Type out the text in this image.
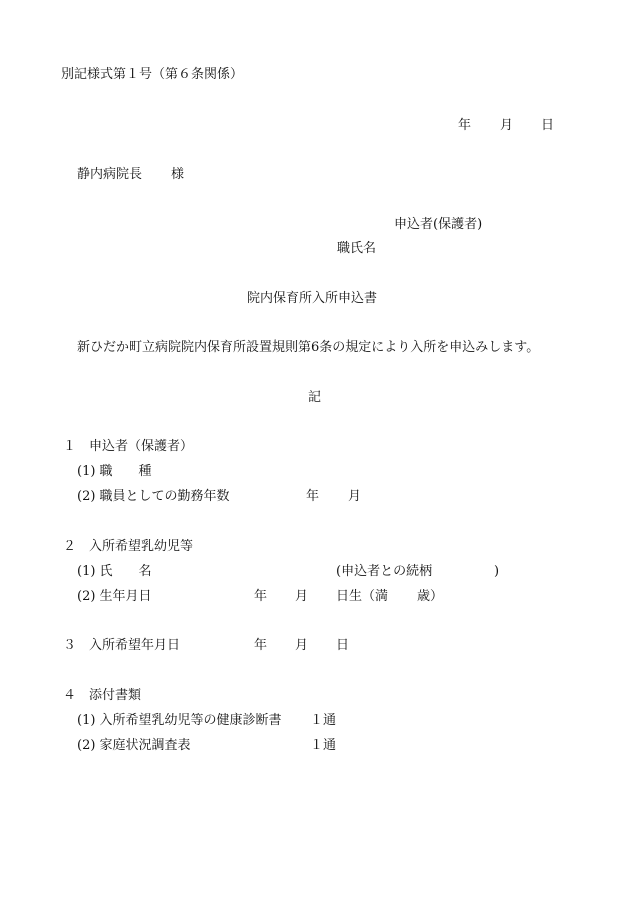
別記様式第１号（第６条関係）
年 月 日
静内病院長 様
申込者(保護者)
職氏名
院内保育所入所申込書
新ひだか町立病院院内保育所設置規則第6条の規定により入所を申込みします。
記
１　申込者（保護者）
(1) 職　　種
(2) 職員としての勤務年数	年 月
２　入所希望乳幼児等
(1) 氏　　名	(申込者との続柄	)
(2) 生年月日	年 月 日生（満 歳）
３　入所希望年月日	年 月 日
４　添付書類
(1) 入所希望乳幼児等の健康診断書 １通
(2) 家庭状況調査表	１通
